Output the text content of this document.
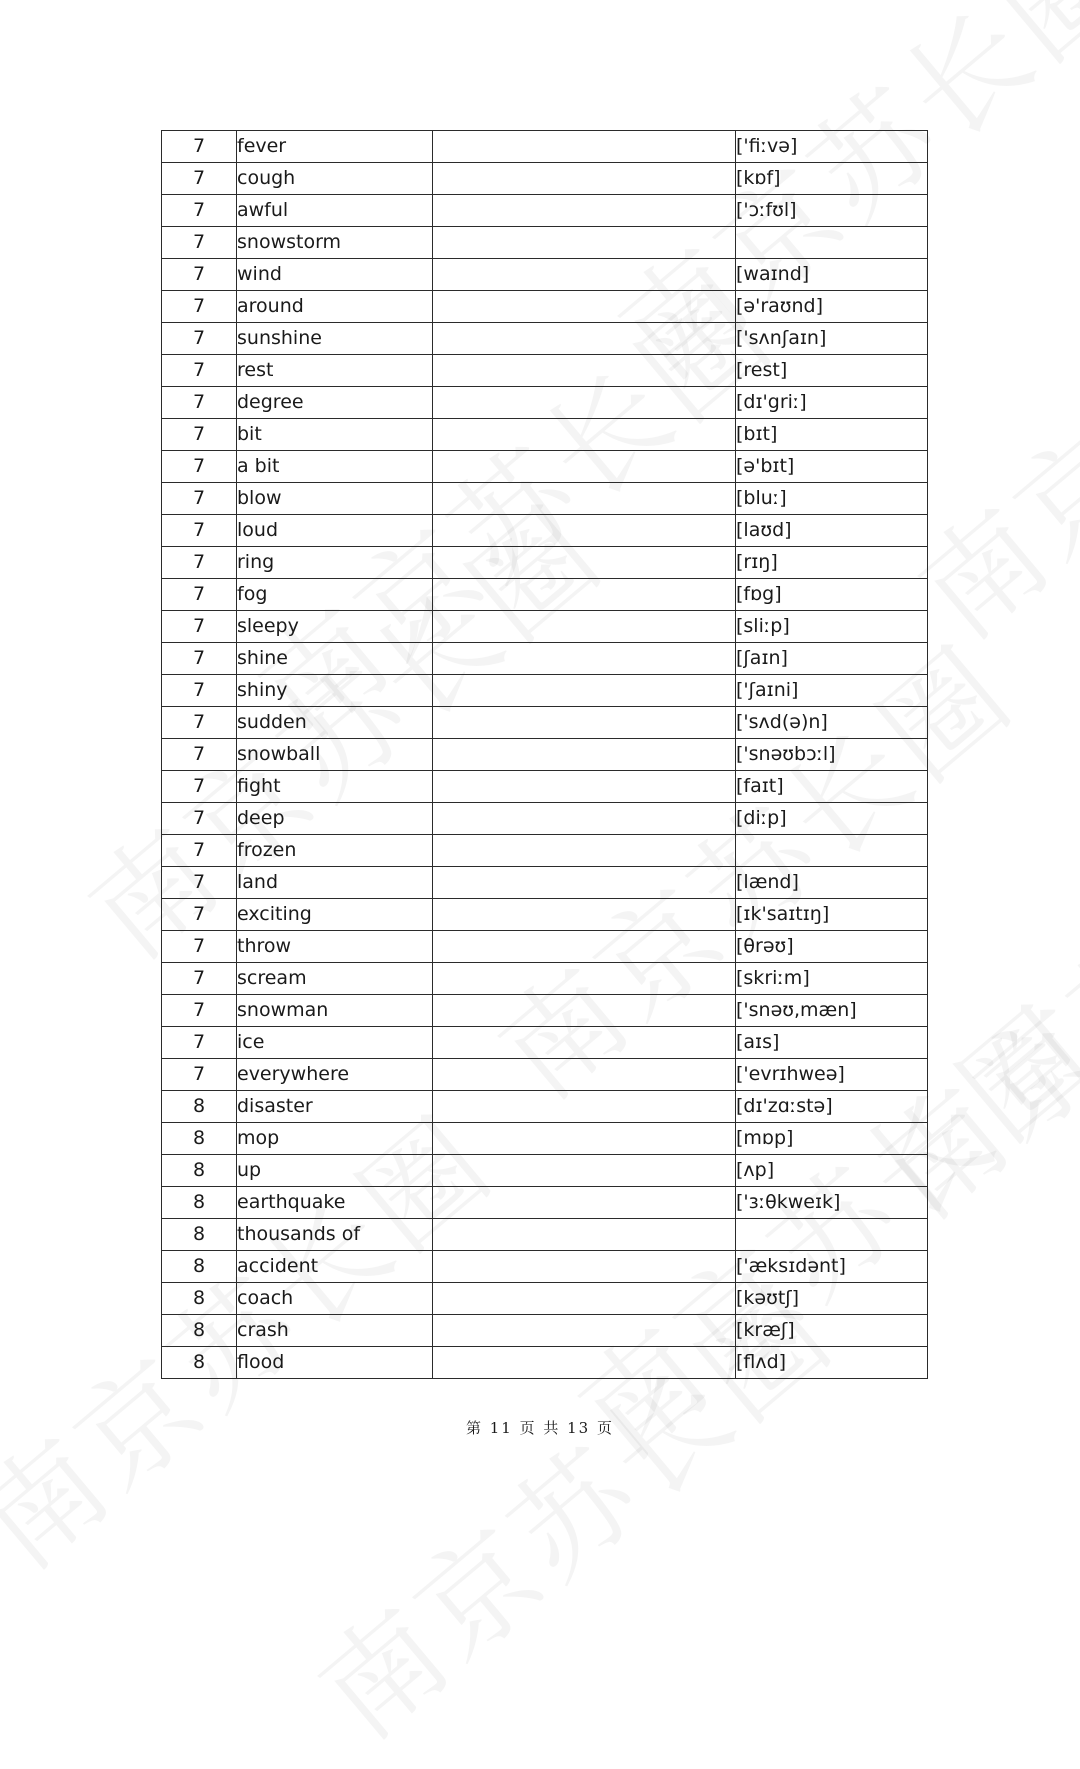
7	fever		['fiːvə]
7	cough		[kɒf]
7	awful		['ɔːfʊl]
7	snowstorm		
7	wind		[waɪnd]
7	around		[ə'raʊnd]
7	sunshine		['sʌnʃaɪn]
7	rest		[rest]
7	degree		[dɪ'griː]
7	bit		[bɪt]
7	a bit		[ə'bɪt]
7	blow		[bluː]
7	loud		[laʊd]
7	ring		[rɪŋ]
7	fog		[fɒg]
7	sleepy		[sliːp]
7	shine		[ʃaɪn]
7	shiny		['ʃaɪni]
7	sudden		['sʌd(ə)n]
7	snowball		['snəʊbɔːl]
7	fight		[faɪt]
7	deep		[diːp]
7	frozen		
7	land		[lænd]
7	exciting		[ɪk'saɪtɪŋ]
7	throw		[θrəʊ]
7	scream		[skriːm]
7	snowman		['snəʊ,mæn]
7	ice		[aɪs]
7	everywhere		['evrɪhweə]
8	disaster		[dɪ'zɑːstə]
8	mop		[mɒp]
8	up		[ʌp]
8	earthquake		['ɜːθkweɪk]
8	thousands of		
8	accident		['æksɪdənt]
8	coach		[kəʊtʃ]
8	crash		[kræʃ]
8	flood		[flʌd]
第 11 页 共 13 页
